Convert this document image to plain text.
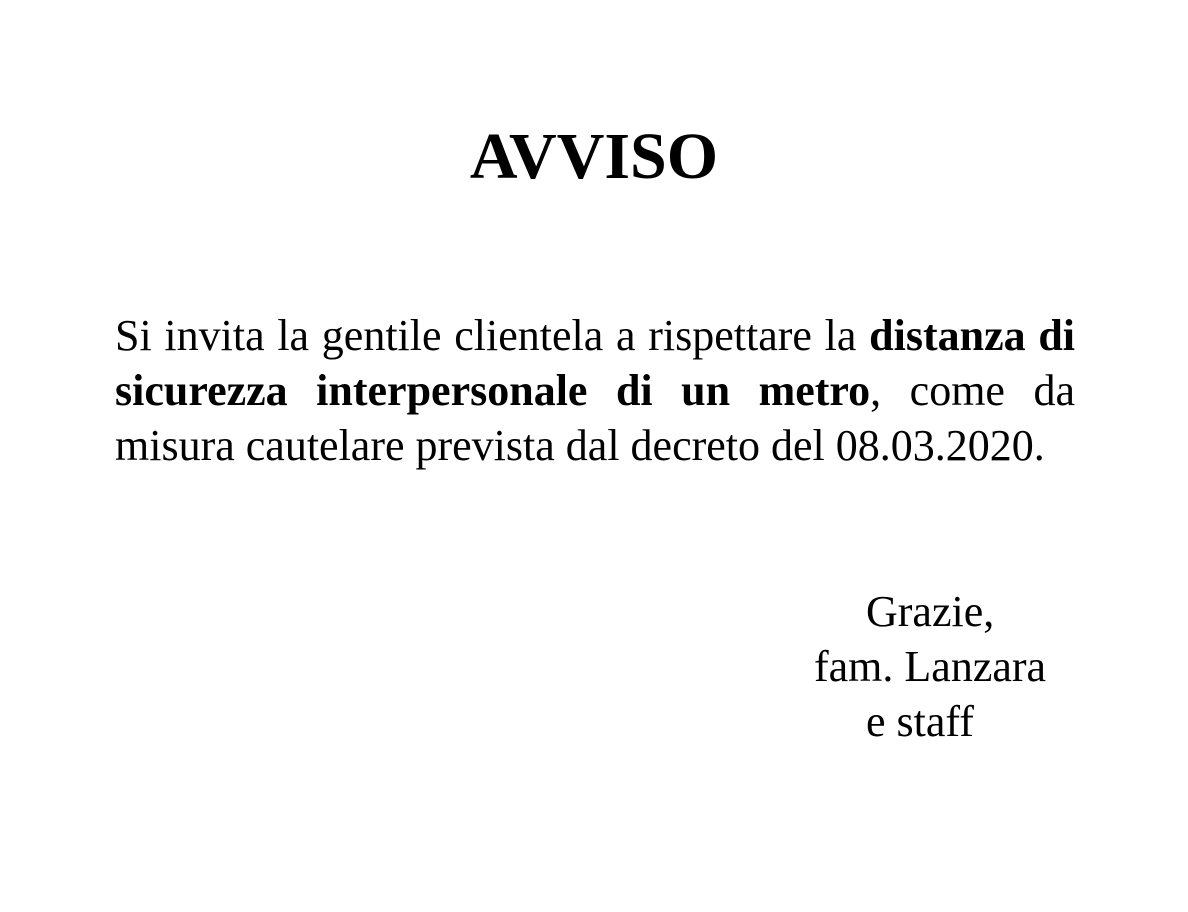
AVVISO

Si invita la gentile clientela a rispettare la distanza di sicurezza interpersonale di un metro, come da misura cautelare prevista dal decreto del 08.03.2020.

Grazie,
fam. Lanzara
e staff
